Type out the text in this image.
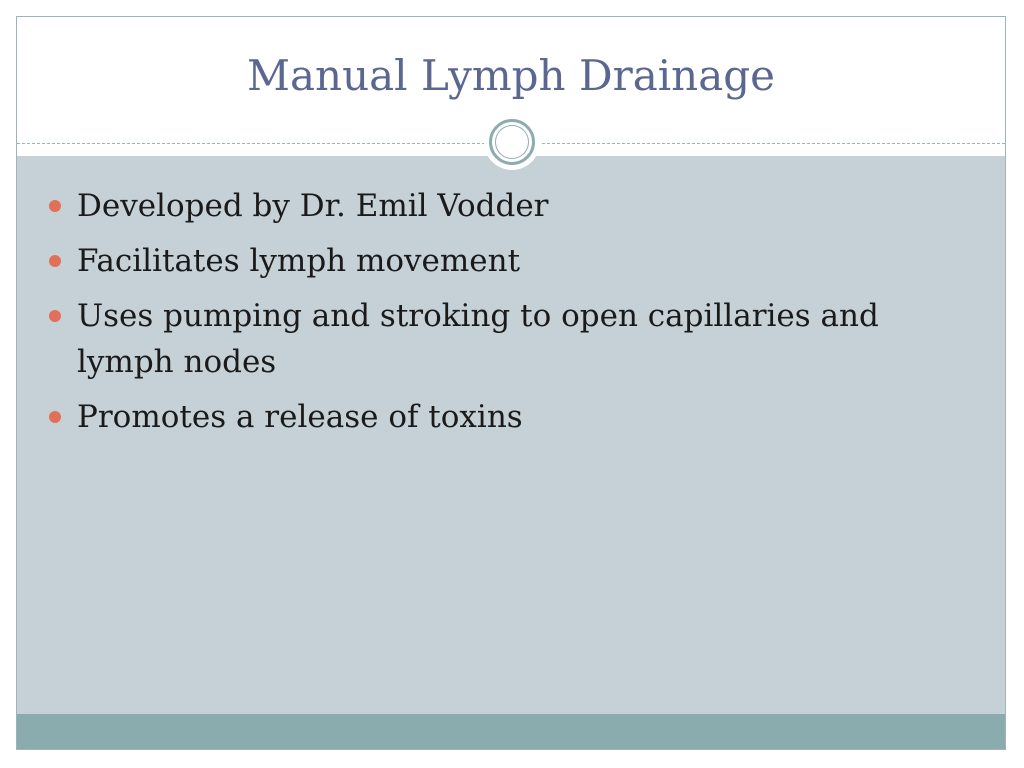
Manual Lymph Drainage
Developed by Dr. Emil Vodder
Facilitates lymph movement
Uses pumping and stroking to open capillaries and lymph nodes
Promotes a release of toxins
